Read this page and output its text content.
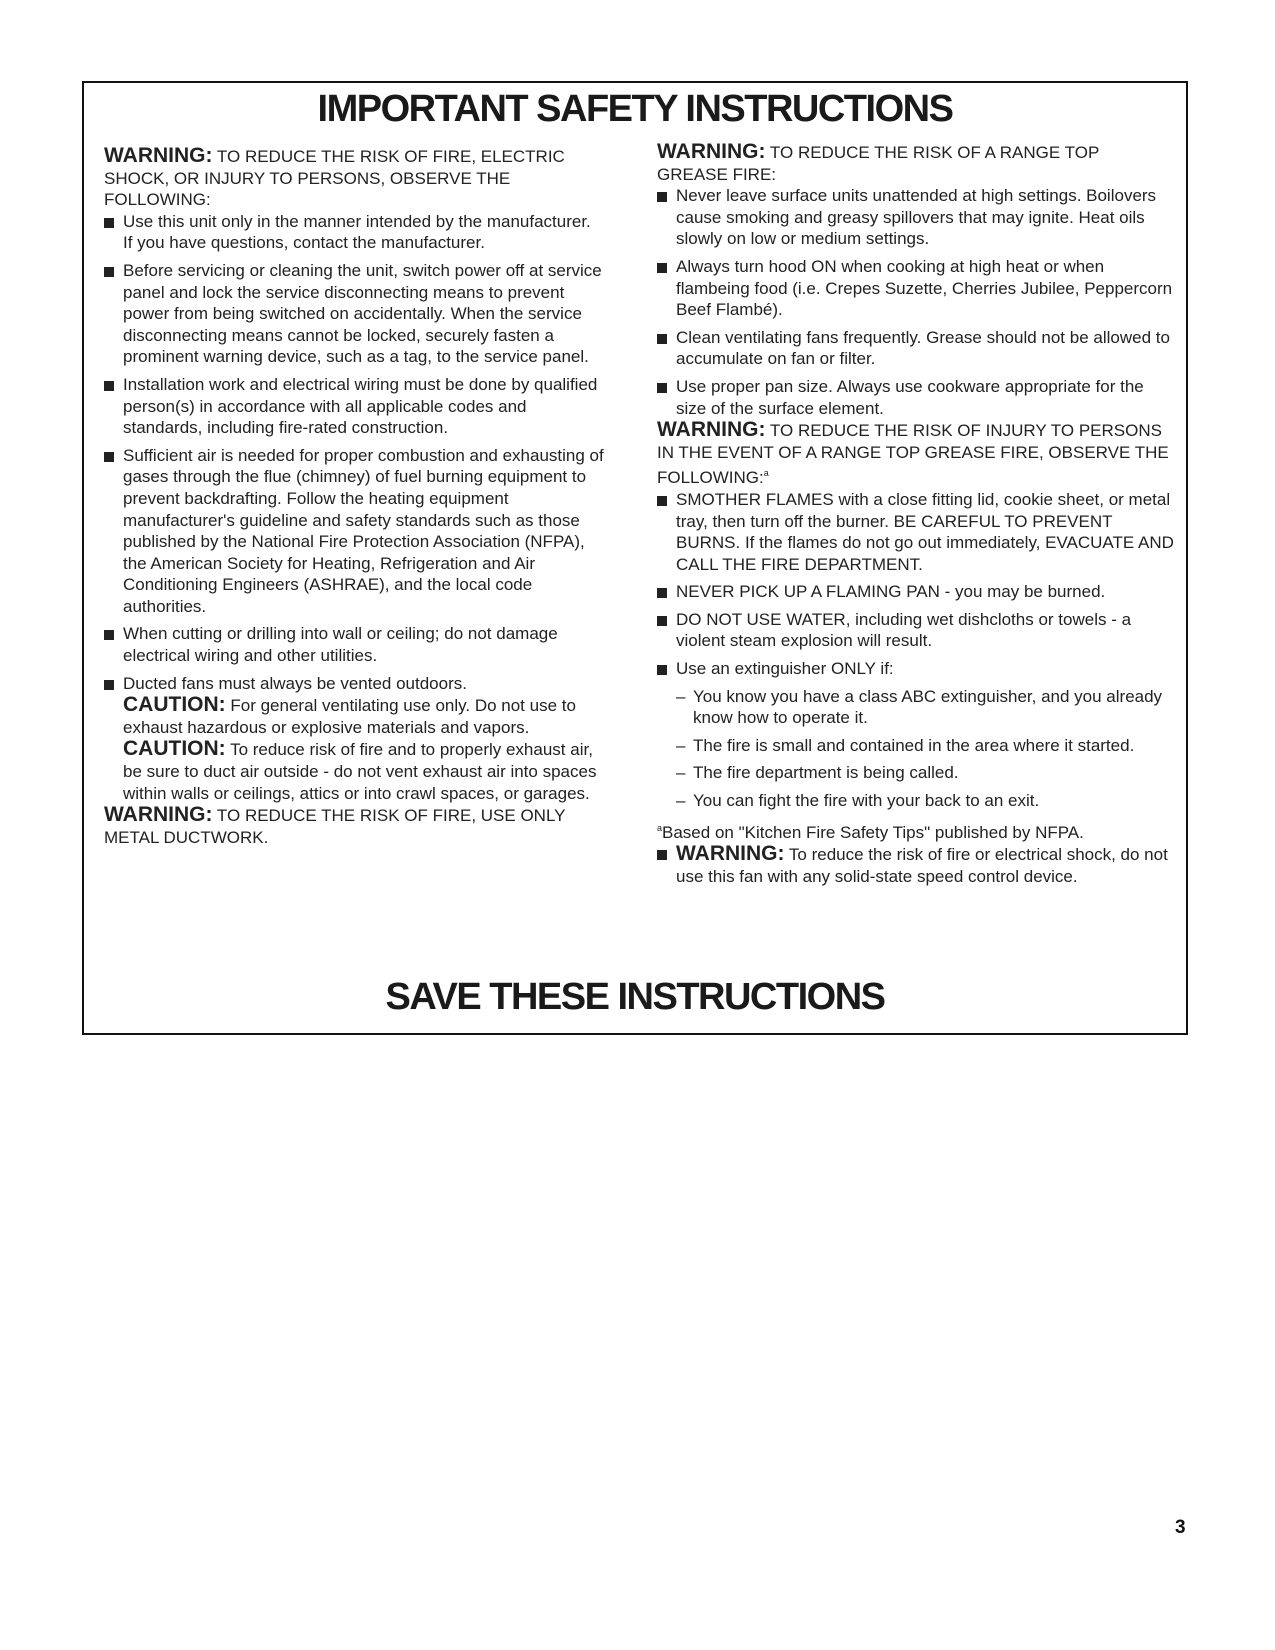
IMPORTANT SAFETY INSTRUCTIONS

WARNING: TO REDUCE THE RISK OF FIRE, ELECTRIC SHOCK, OR INJURY TO PERSONS, OBSERVE THE FOLLOWING:

Use this unit only in the manner intended by the manufacturer. If you have questions, contact the manufacturer.
Before servicing or cleaning the unit, switch power off at service panel and lock the service disconnecting means to prevent power from being switched on accidentally. When the service disconnecting means cannot be locked, securely fasten a prominent warning device, such as a tag, to the service panel.
Installation work and electrical wiring must be done by qualified person(s) in accordance with all applicable codes and standards, including fire-rated construction.
Sufficient air is needed for proper combustion and exhausting of gases through the flue (chimney) of fuel burning equipment to prevent backdrafting. Follow the heating equipment manufacturer's guideline and safety standards such as those published by the National Fire Protection Association (NFPA), the American Society for Heating, Refrigeration and Air Conditioning Engineers (ASHRAE), and the local code authorities.
When cutting or drilling into wall or ceiling; do not damage electrical wiring and other utilities.
Ducted fans must always be vented outdoors.

CAUTION: For general ventilating use only. Do not use to exhaust hazardous or explosive materials and vapors.

CAUTION: To reduce risk of fire and to properly exhaust air, be sure to duct air outside - do not vent exhaust air into spaces within walls or ceilings, attics or into crawl spaces, or garages.

WARNING: TO REDUCE THE RISK OF FIRE, USE ONLY METAL DUCTWORK.

WARNING: TO REDUCE THE RISK OF A RANGE TOP GREASE FIRE:

Never leave surface units unattended at high settings. Boilovers cause smoking and greasy spillovers that may ignite. Heat oils slowly on low or medium settings.
Always turn hood ON when cooking at high heat or when flambeing food (i.e. Crepes Suzette, Cherries Jubilee, Peppercorn Beef Flambé).
Clean ventilating fans frequently. Grease should not be allowed to accumulate on fan or filter.
Use proper pan size. Always use cookware appropriate for the size of the surface element.

WARNING: TO REDUCE THE RISK OF INJURY TO PERSONS IN THE EVENT OF A RANGE TOP GREASE FIRE, OBSERVE THE FOLLOWING:$^a$

SMOTHER FLAMES with a close fitting lid, cookie sheet, or metal tray, then turn off the burner. BE CAREFUL TO PREVENT BURNS. If the flames do not go out immediately, EVACUATE AND CALL THE FIRE DEPARTMENT.
NEVER PICK UP A FLAMING PAN - you may be burned.
DO NOT USE WATER, including wet dishcloths or towels - a violent steam explosion will result.
Use an extinguisher ONLY if:
– You know you have a class ABC extinguisher, and you already know how to operate it.
– The fire is small and contained in the area where it started.
– The fire department is being called.
– You can fight the fire with your back to an exit.

$^a$Based on "Kitchen Fire Safety Tips" published by NFPA.

WARNING: To reduce the risk of fire or electrical shock, do not use this fan with any solid-state speed control device.
SAVE THESE INSTRUCTIONS
3
